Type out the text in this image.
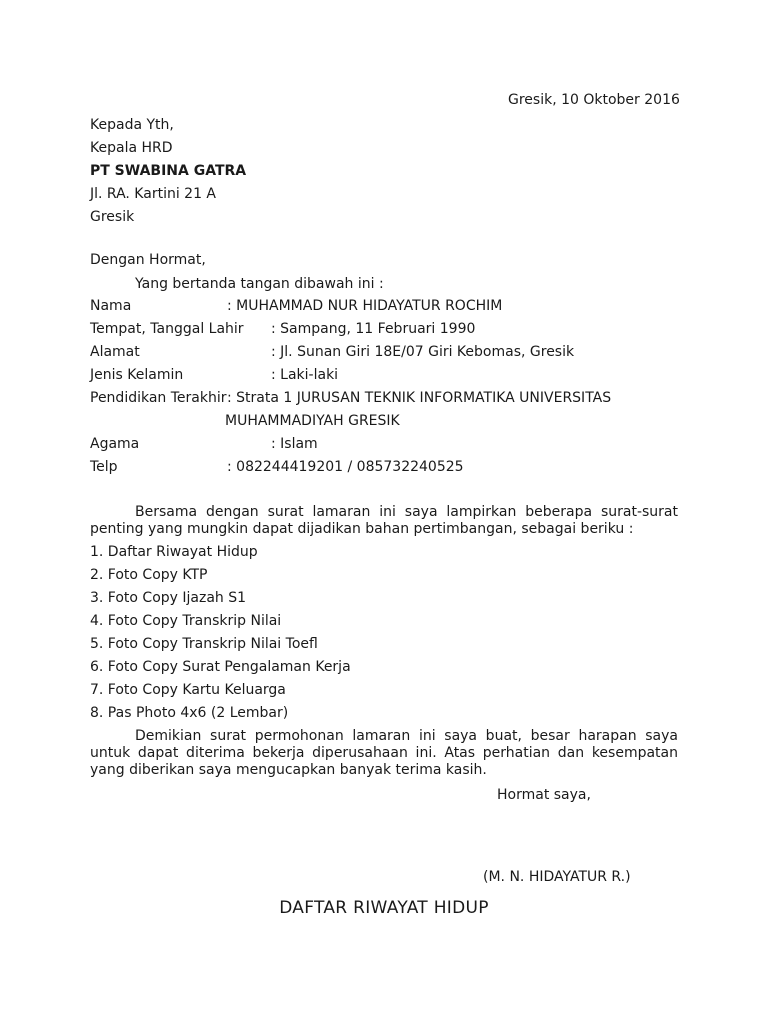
Gresik, 10 Oktober 2016
Kepada Yth,
Kepala HRD
PT SWABINA GATRA
Jl. RA. Kartini 21 A
Gresik
Dengan Hormat,
Yang bertanda tangan dibawah ini :
Nama	: MUHAMMAD NUR HIDAYATUR ROCHIM
Tempat, Tanggal Lahir : Sampang, 11 Februari 1990
Alamat	: Jl. Sunan Giri 18E/07 Giri Kebomas, Gresik
Jenis Kelamin	: Laki-laki
Pendidikan Terakhir : Strata 1 JURUSAN TEKNIK INFORMATIKA UNIVERSITAS
MUHAMMADIYAH GRESIK
Agama	: Islam
Telp	: 082244419201 / 085732240525
Bersama dengan surat lamaran ini saya lampirkan beberapa surat-surat penting yang mungkin dapat dijadikan bahan pertimbangan, sebagai beriku :
1. Daftar Riwayat Hidup
2. Foto Copy KTP
3. Foto Copy Ijazah S1
4. Foto Copy Transkrip Nilai
5. Foto Copy Transkrip Nilai Toefl
6. Foto Copy Surat Pengalaman Kerja
7. Foto Copy Kartu Keluarga
8. Pas Photo 4x6 (2 Lembar)
Demikian surat permohonan lamaran ini saya buat, besar harapan saya untuk dapat diterima bekerja diperusahaan ini. Atas perhatian dan kesempatan yang diberikan saya mengucapkan banyak terima kasih.
Hormat saya,
(M. N. HIDAYATUR R.)
DAFTAR RIWAYAT HIDUP
